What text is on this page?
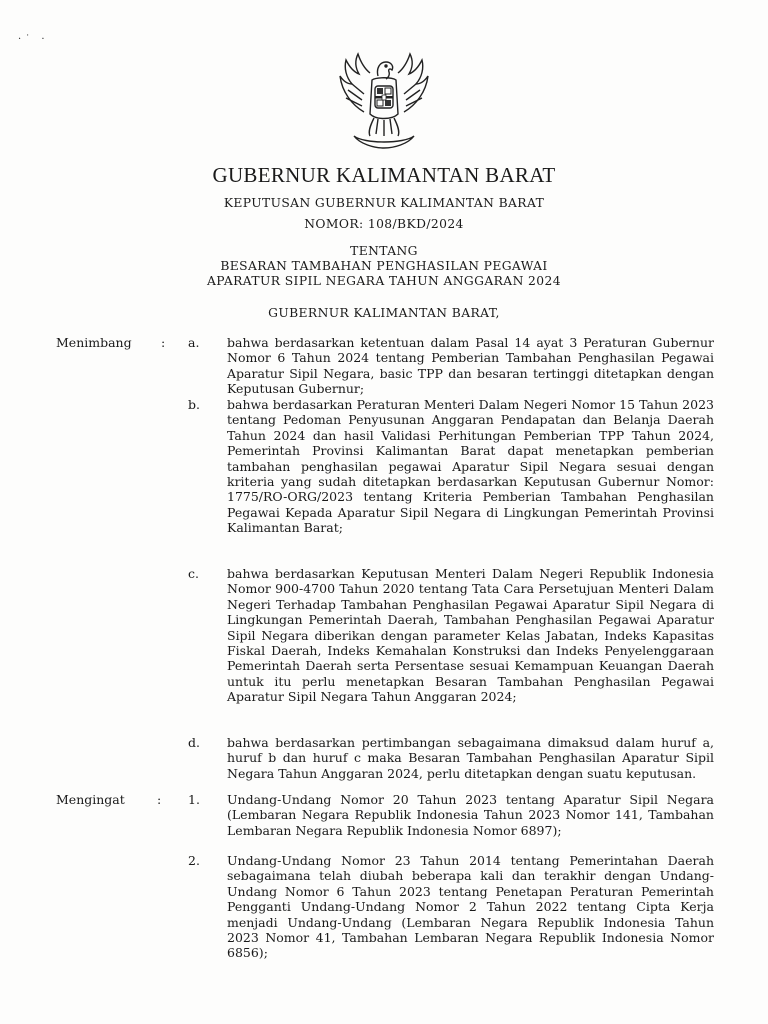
·˙ ·
GUBERNUR KALIMANTAN BARAT
KEPUTUSAN GUBERNUR KALIMANTAN BARAT
NOMOR: 108/BKD/2024
TENTANG
BESARAN TAMBAHAN PENGHASILAN PEGAWAI
APARATUR SIPIL NEGARA TAHUN ANGGARAN 2024
GUBERNUR KALIMANTAN BARAT,
Menimbang : a. bahwa berdasarkan ketentuan dalam Pasal 14 ayat 3 Peraturan Gubernur Nomor 6 Tahun 2024 tentang Pemberian Tambahan Penghasilan Pegawai Aparatur Sipil Negara, basic TPP dan besaran tertinggi ditetapkan dengan Keputusan Gubernur;
b. bahwa berdasarkan Peraturan Menteri Dalam Negeri Nomor 15 Tahun 2023 tentang Pedoman Penyusunan Anggaran Pendapatan dan Belanja Daerah Tahun 2024 dan hasil Validasi Perhitungan Pemberian TPP Tahun 2024, Pemerintah Provinsi Kalimantan Barat dapat menetapkan pemberian tambahan penghasilan pegawai Aparatur Sipil Negara sesuai dengan kriteria yang sudah ditetapkan berdasarkan Keputusan Gubernur Nomor: 1775/RO-ORG/2023 tentang Kriteria Pemberian Tambahan Penghasilan Pegawai Kepada Aparatur Sipil Negara di Lingkungan Pemerintah Provinsi Kalimantan Barat;
c. bahwa berdasarkan Keputusan Menteri Dalam Negeri Republik Indonesia Nomor 900-4700 Tahun 2020 tentang Tata Cara Persetujuan Menteri Dalam Negeri Terhadap Tambahan Penghasilan Pegawai Aparatur Sipil Negara di Lingkungan Pemerintah Daerah, Tambahan Penghasilan Pegawai Aparatur Sipil Negara diberikan dengan parameter Kelas Jabatan, Indeks Kapasitas Fiskal Daerah, Indeks Kemahalan Konstruksi dan Indeks Penyelenggaraan Pemerintah Daerah serta Persentase sesuai Kemampuan Keuangan Daerah untuk itu perlu menetapkan Besaran Tambahan Penghasilan Pegawai Aparatur Sipil Negara Tahun Anggaran 2024;
d. bahwa berdasarkan pertimbangan sebagaimana dimaksud dalam huruf a, huruf b dan huruf c maka Besaran Tambahan Penghasilan Aparatur Sipil Negara Tahun Anggaran 2024, perlu ditetapkan dengan suatu keputusan.
Mengingat	: 1. Undang-Undang Nomor 20 Tahun 2023 tentang Aparatur Sipil Negara (Lembaran Negara Republik Indonesia Tahun 2023 Nomor 141, Tambahan Lembaran Negara Republik Indonesia Nomor 6897);
2. Undang-Undang Nomor 23 Tahun 2014 tentang Pemerintahan Daerah sebagaimana telah diubah beberapa kali dan terakhir dengan Undang-Undang Nomor 6 Tahun 2023 tentang Penetapan Peraturan Pemerintah Pengganti Undang-Undang Nomor 2 Tahun 2022 tentang Cipta Kerja menjadi Undang-Undang (Lembaran Negara Republik Indonesia Tahun 2023 Nomor 41, Tambahan Lembaran Negara Republik Indonesia Nomor 6856);
